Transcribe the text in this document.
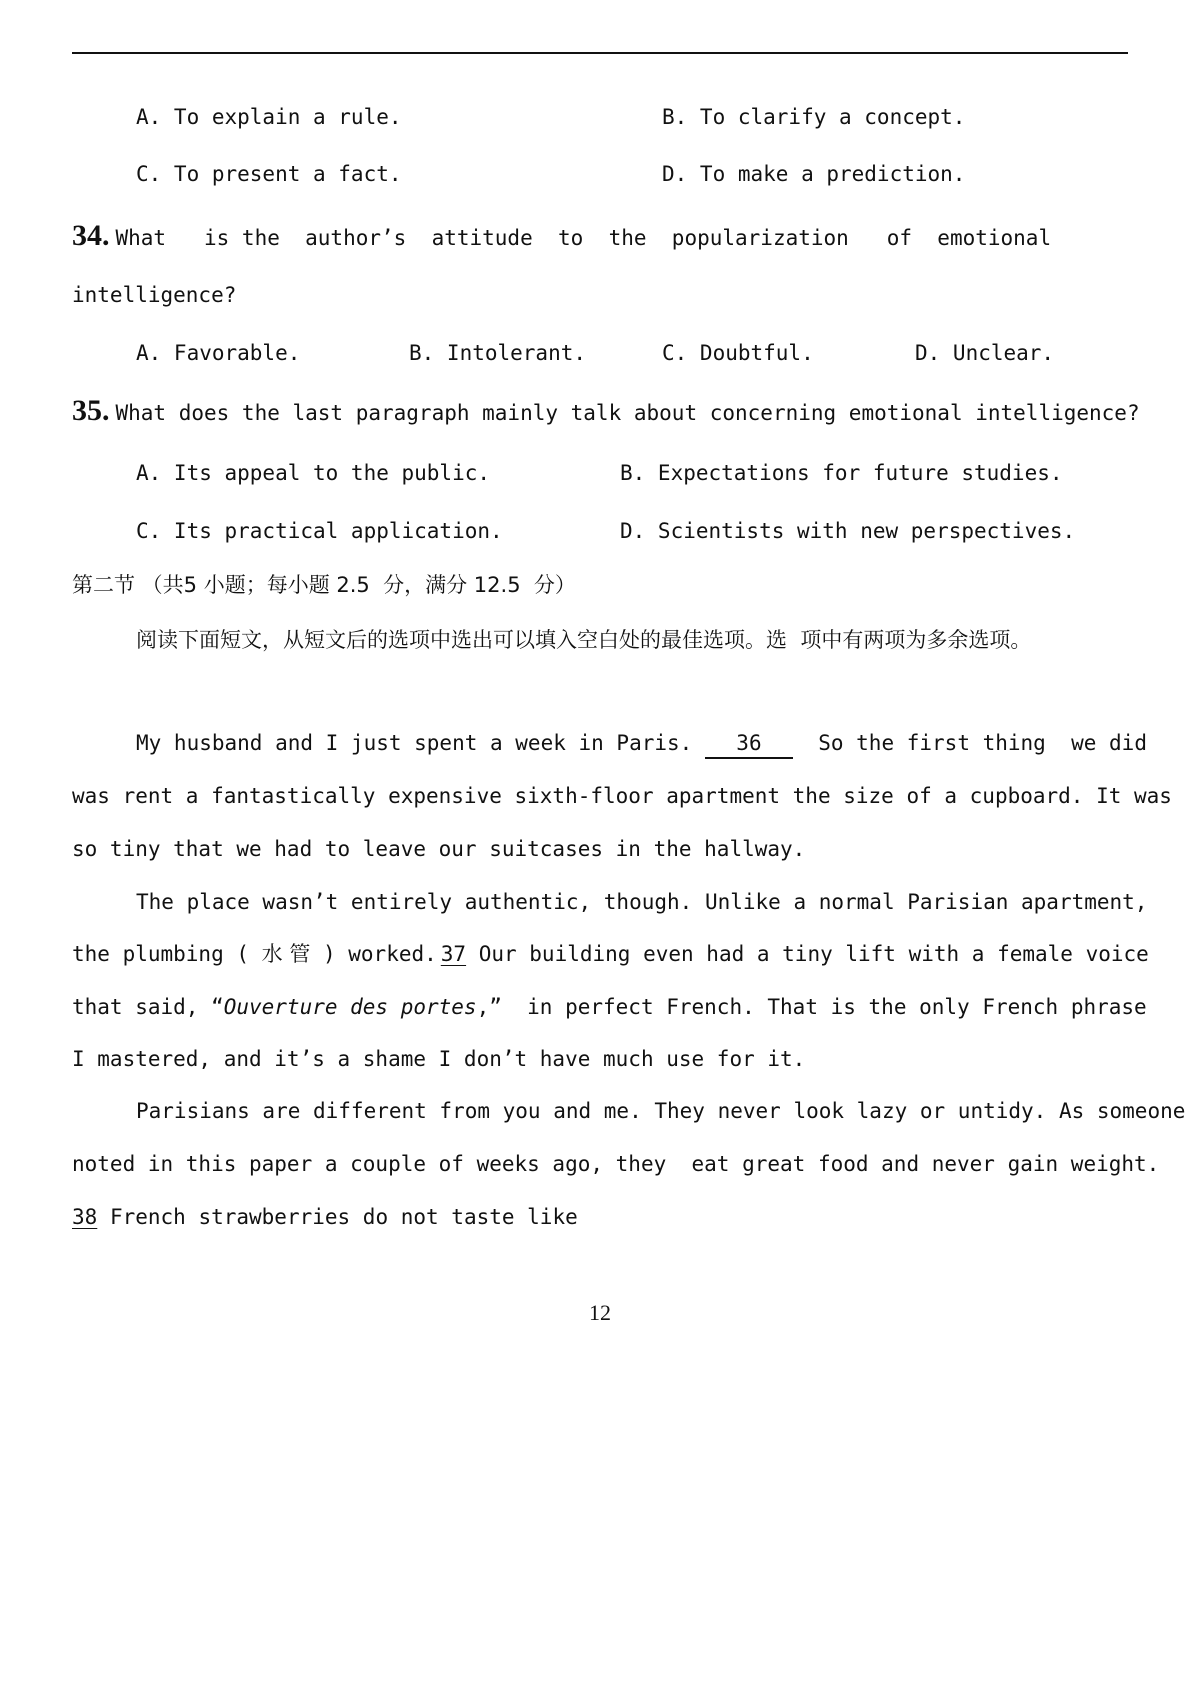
A. To explain a rule.	B. To clarify a concept.
C. To present a fact.	D. To make a prediction.
34. What   is the  author’s  attitude  to  the  popularization   of  emotional
intelligence?
A. Favorable.	B. Intolerant.	C. Doubtful.	D. Unclear.
35. What does the last paragraph mainly talk about concerning emotional intelligence?
A. Its appeal to the public.	B. Expectations for future studies.
C. Its practical application.	D. Scientists with new perspectives.
第二节 （共5 小题；每小题 2.5  分，满分 12.5  分）
阅读下面短文，从短文后的选项中选出可以填入空白处的最佳选项。选  项中有两项为多余选项。
My husband and I just spent a week in Paris. 36  So the first thing  we did
was rent a fantastically expensive sixth-floor apartment the size of a cupboard. It was
so tiny that we had to leave our suitcases in the hallway.
The place wasn’t entirely authentic, though. Unlike a normal Parisian apartment,
the plumbing ( 水 管 ) worked. 37 Our building even had a tiny lift with a female voice
that said, “Ouverture des portes,”  in perfect French. That is the only French phrase
I mastered, and it’s a shame I don’t have much use for it.
Parisians are different from you and me. They never look lazy or untidy. As someone
noted in this paper a couple of weeks ago, they  eat great food and never gain weight.
38 French strawberries do not taste like
12
